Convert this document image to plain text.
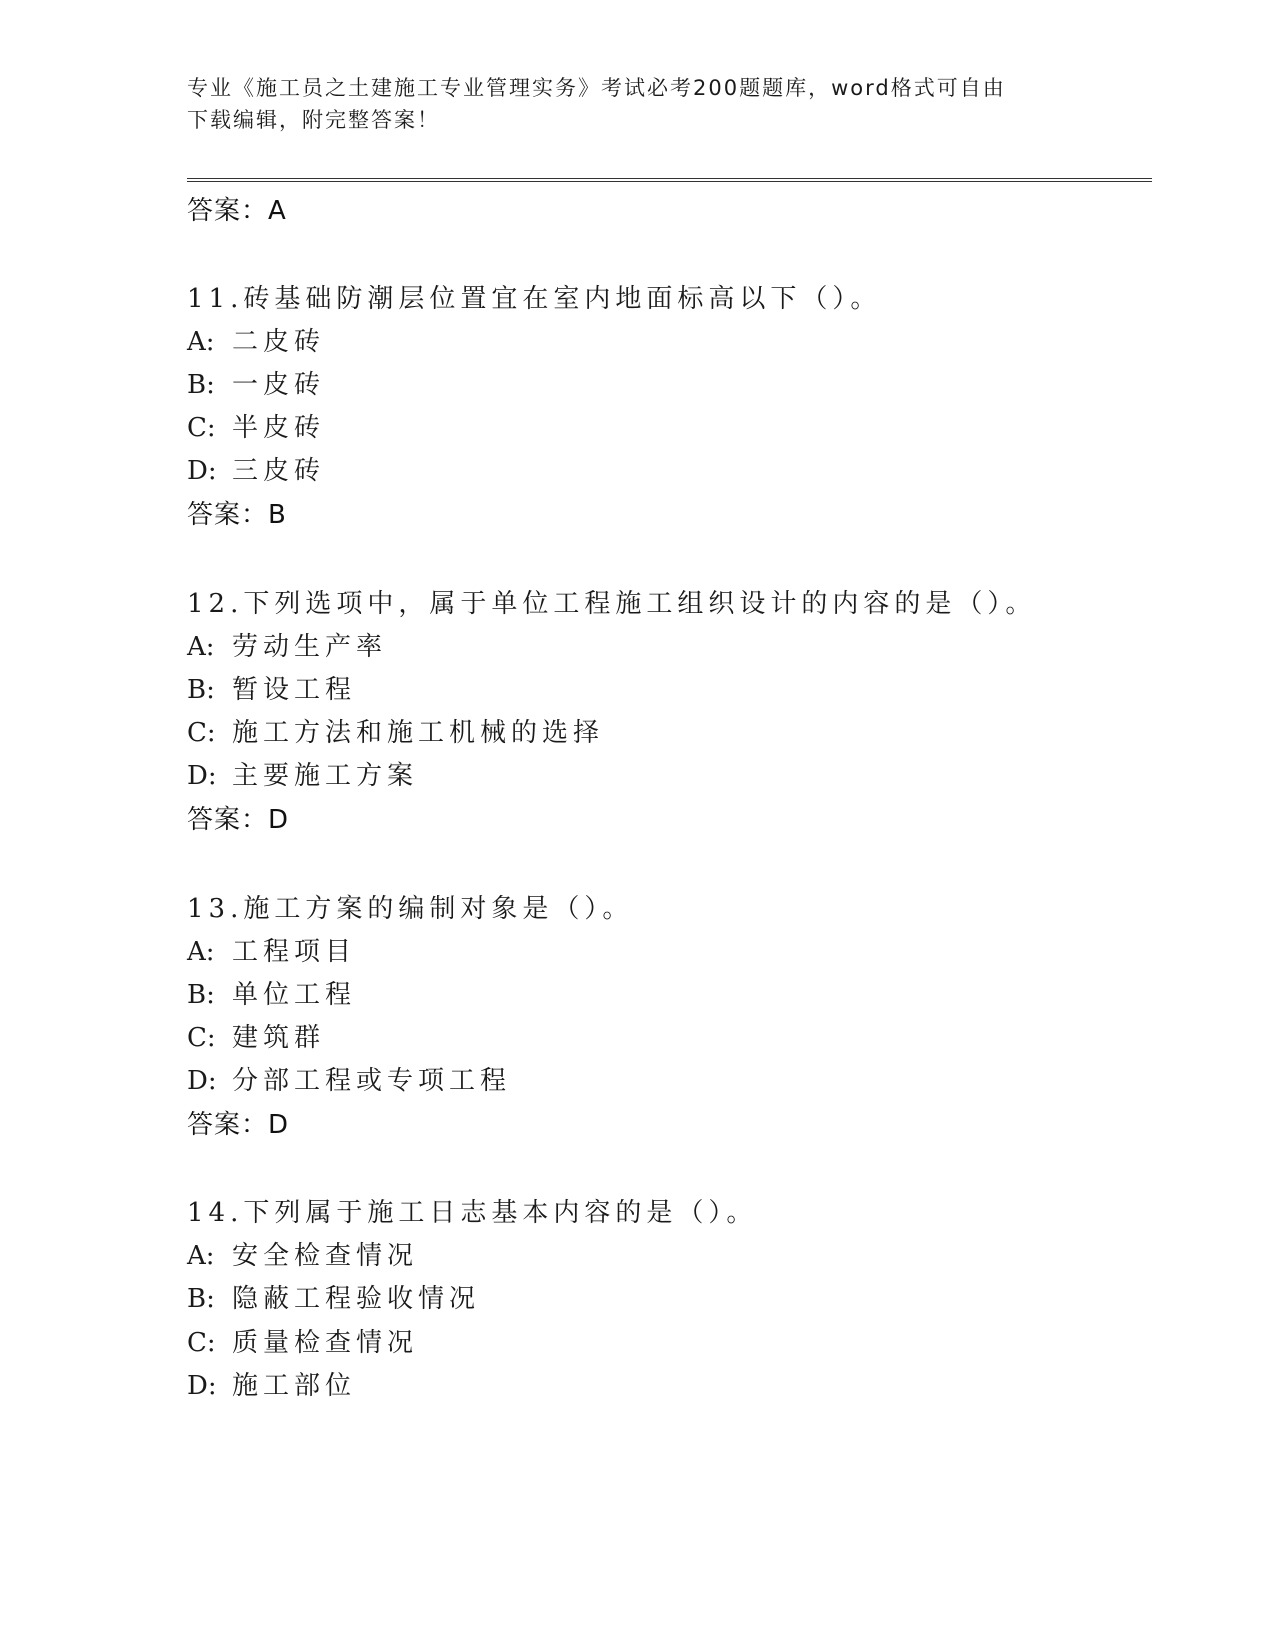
专业《施工员之土建施工专业管理实务》考试必考200题题库，word格式可自由
下载编辑，附完整答案！
答案：A
11.砖基础防潮层位置宜在室内地面标高以下（）。
A: 二皮砖
B: 一皮砖
C: 半皮砖
D: 三皮砖
答案：B
12.下列选项中，属于单位工程施工组织设计的内容的是（）。
A: 劳动生产率
B: 暂设工程
C: 施工方法和施工机械的选择
D: 主要施工方案
答案：D
13.施工方案的编制对象是（）。
A: 工程项目
B: 单位工程
C: 建筑群
D: 分部工程或专项工程
答案：D
14.下列属于施工日志基本内容的是（）。
A: 安全检查情况
B: 隐蔽工程验收情况
C: 质量检查情况
D: 施工部位
